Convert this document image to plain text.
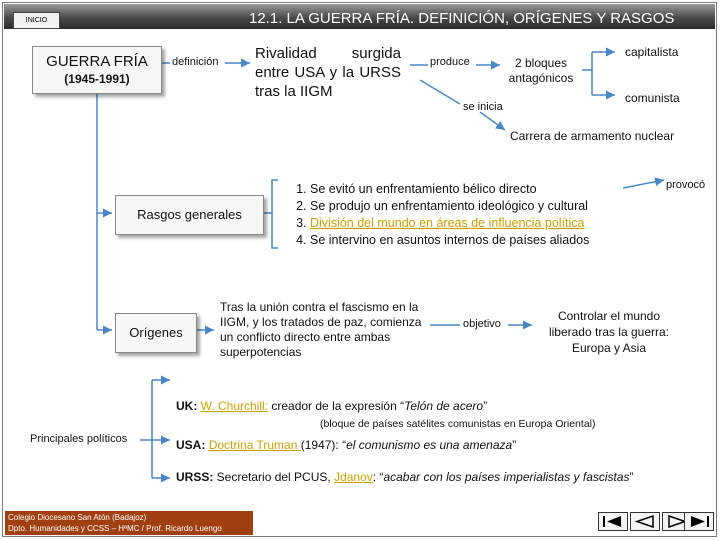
INICIO	12.1. LA GUERRA FRÍA. DEFINICIÓN, ORÍGENES Y RASGOS
GUERRA FRÍA
(1945-1991)
definición Rivalidad surgida entre USA y la URSS tras la IIGM
produce	2 bloques antagónicos
capitalista
comunista
se inicia
Carrera de armamento nuclear
Rasgos generales
1. Se evitó un enfrentamiento bélico directo
2. Se produjo un enfrentamiento ideológico y cultural
3. División del mundo en áreas de influencia política
4. Se intervino en asuntos internos de países aliados
provocó
Orígenes
Tras la unión contra el fascismo en la IIGM, y los tratados de paz, comienza un conflicto directo entre ambas superpotencias
objetivo
Controlar el mundo liberado tras la guerra: Europa y Asia
Principales políticos
UK: W. Churchill: creador de la expresión “Telón de acero”
(bloque de países satélites comunistas en Europa Oriental)
USA: Doctrina Truman (1947): “el comunismo es una amenaza”
URSS: Secretario del PCUS, Jdanov: “acabar con los países imperialistas y fascistas”
Colegio Diocesano San Atón (Badajoz)
Dpto. Humanidades y CCSS – HªMC / Prof. Ricardo Luengo
